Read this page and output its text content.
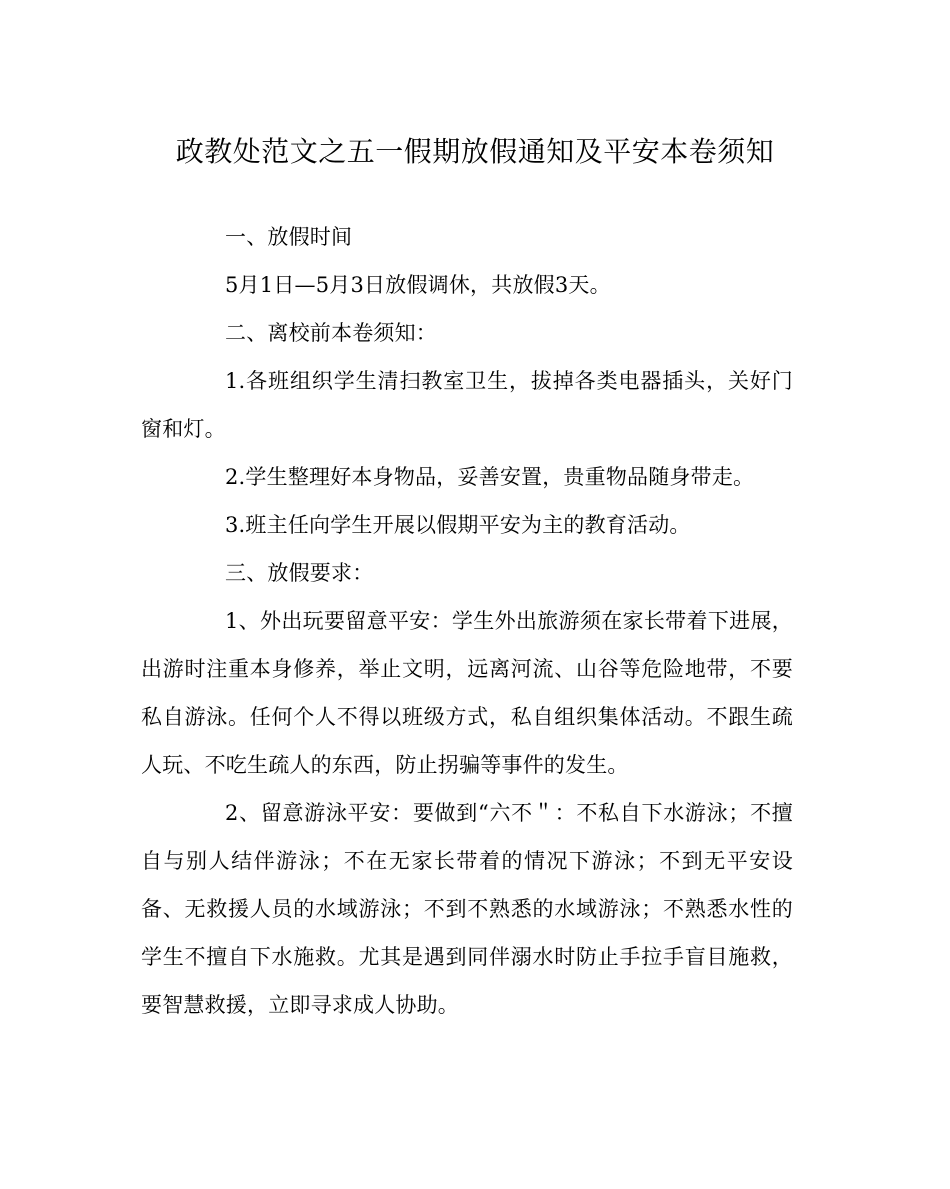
政教处范文之五一假期放假通知及平安本卷须知

一、放假时间

5月1日—5月3日放假调休，共放假3天。

二、离校前本卷须知：

1.各班组织学生清扫教室卫生，拔掉各类电器插头，关好门窗和灯。

2.学生整理好本身物品，妥善安置，贵重物品随身带走。

3.班主任向学生开展以假期平安为主的教育活动。

三、放假要求：

1、外出玩要留意平安：学生外出旅游须在家长带着下进展，出游时注重本身修养，举止文明，远离河流、山谷等危险地带，不要私自游泳。任何个人不得以班级方式，私自组织集体活动。不跟生疏人玩、不吃生疏人的东西，防止拐骗等事件的发生。

2、留意游泳平安：要做到“六不＂：不私自下水游泳；不擅自与别人结伴游泳；不在无家长带着的情况下游泳；不到无平安设备、无救援人员的水域游泳；不到不熟悉的水域游泳；不熟悉水性的学生不擅自下水施救。尤其是遇到同伴溺水时防止手拉手盲目施救，要智慧救援，立即寻求成人协助。
